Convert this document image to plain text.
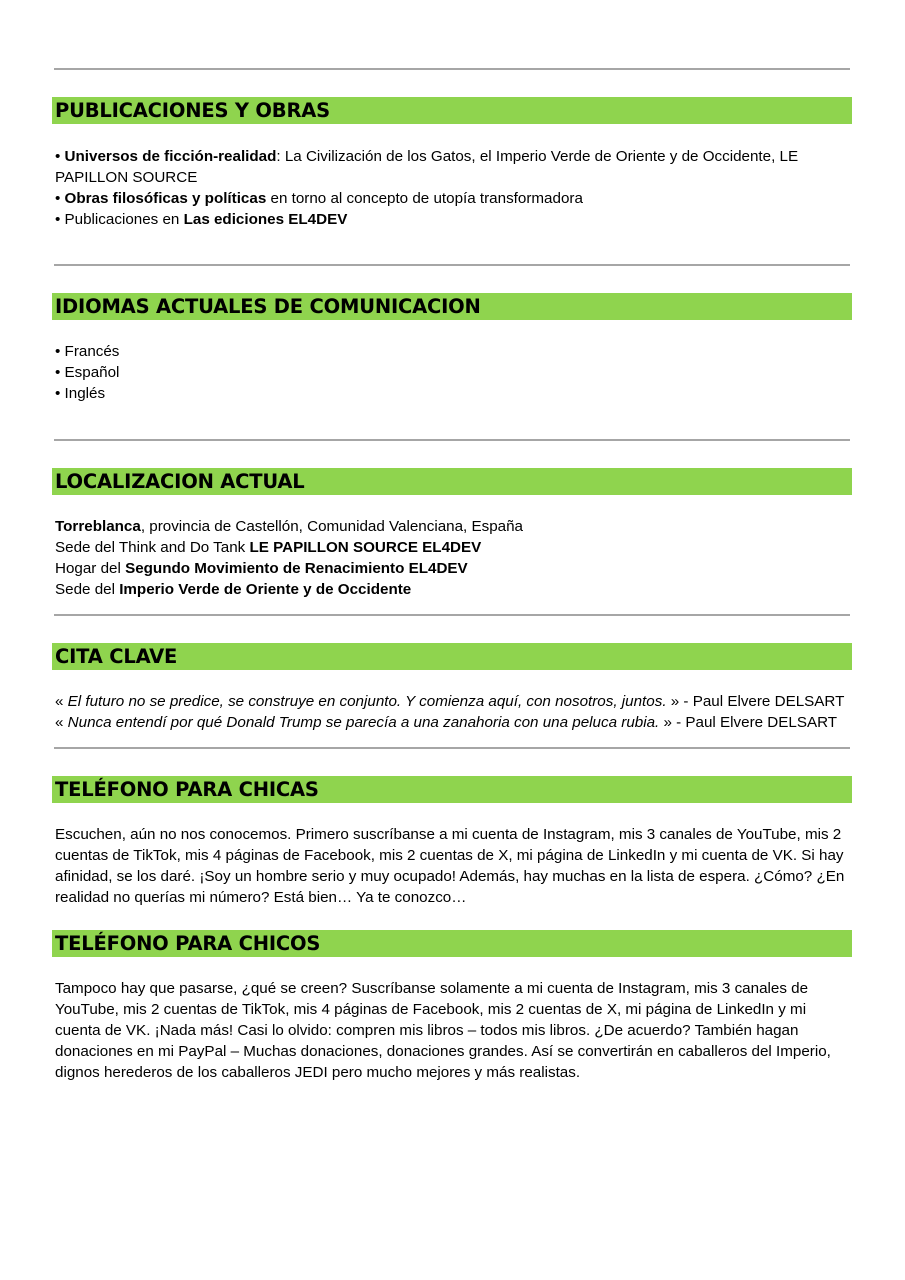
PUBLICACIONES Y OBRAS

• Universos de ficción-realidad: La Civilización de los Gatos, el Imperio Verde de Oriente y de Occidente, LE PAPILLON SOURCE

• Obras filosóficas y políticas en torno al concepto de utopía transformadora

• Publicaciones en Las ediciones EL4DEV

IDIOMAS ACTUALES DE COMUNICACION

• Francés

• Español

• Inglés

LOCALIZACION ACTUAL

Torreblanca, provincia de Castellón, Comunidad Valenciana, España

Sede del Think and Do Tank LE PAPILLON SOURCE EL4DEV

Hogar del Segundo Movimiento de Renacimiento EL4DEV

Sede del Imperio Verde de Oriente y de Occidente

CITA CLAVE

« El futuro no se predice, se construye en conjunto. Y comienza aquí, con nosotros, juntos. » - Paul Elvere DELSART

« Nunca entendí por qué Donald Trump se parecía a una zanahoria con una peluca rubia. » - Paul Elvere DELSART

TELÉFONO PARA CHICAS

Escuchen, aún no nos conocemos. Primero suscríbanse a mi cuenta de Instagram, mis 3 canales de YouTube, mis 2 cuentas de TikTok, mis 4 páginas de Facebook, mis 2 cuentas de X, mi página de LinkedIn y mi cuenta de VK. Si hay afinidad, se los daré. ¡Soy un hombre serio y muy ocupado! Además, hay muchas en la lista de espera. ¿Cómo? ¿En realidad no querías mi número? Está bien… Ya te conozco…

TELÉFONO PARA CHICOS

Tampoco hay que pasarse, ¿qué se creen? Suscríbanse solamente a mi cuenta de Instagram, mis 3 canales de YouTube, mis 2 cuentas de TikTok, mis 4 páginas de Facebook, mis 2 cuentas de X, mi página de LinkedIn y mi cuenta de VK. ¡Nada más! Casi lo olvido: compren mis libros – todos mis libros. ¿De acuerdo? También hagan donaciones en mi PayPal – Muchas donaciones, donaciones grandes. Así se convertirán en caballeros del Imperio, dignos herederos de los caballeros JEDI pero mucho mejores y más realistas.
